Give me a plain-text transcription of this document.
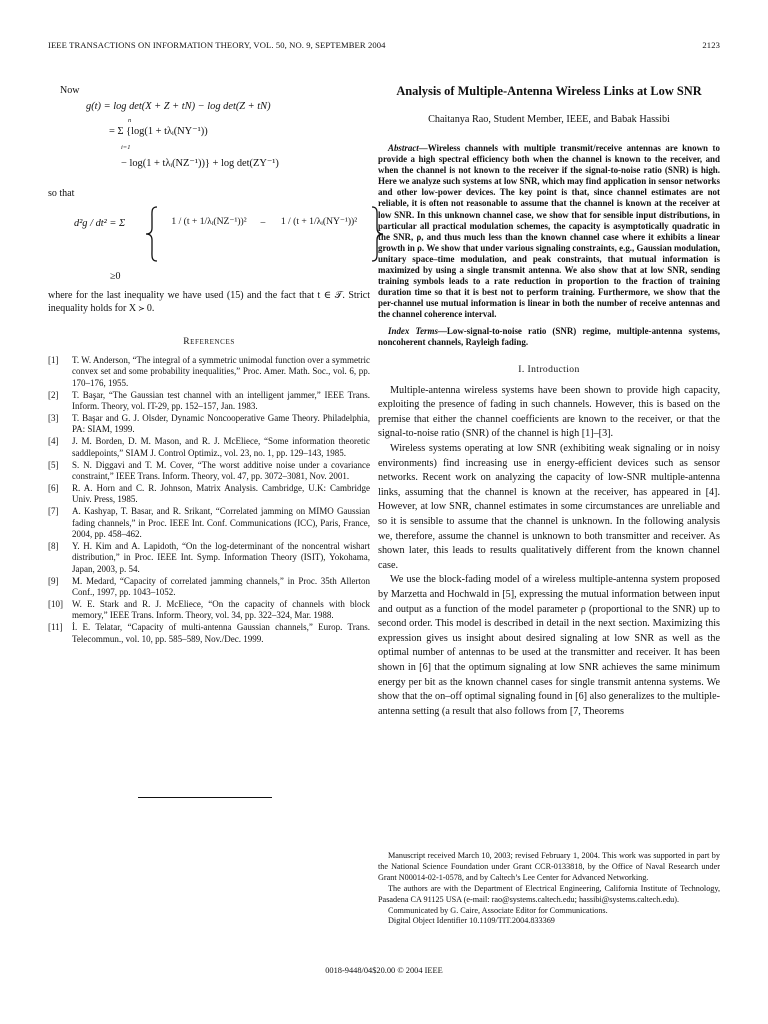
IEEE TRANSACTIONS ON INFORMATION THEORY, VOL. 50, NO. 9, SEPTEMBER 2004	2123
Now
g(t) = log det(X + Z + tN) − log det(Z + tN)
n
= Σ {log(1 + tλᵢ(NY⁻¹))
i=1
− log(1 + tλᵢ(NZ⁻¹))} + log det(ZY⁻¹)
so that
d²g / dt² = Σ	1 / (t + 1/λᵢ(NZ⁻¹))²	−	1 / (t + 1/λᵢ(NY⁻¹))²
≥0
where for the last inequality we have used (15) and the fact that t ∈ 𝒯. Strict inequality holds for X ≻ 0.
References
[1]	T. W. Anderson, “The integral of a symmetric unimodal function over a symmetric convex set and some probability inequalities,” Proc. Amer. Math. Soc., vol. 6, pp. 170–176, 1955.
[2]	T. Başar, “The Gaussian test channel with an intelligent jammer,” IEEE Trans. Inform. Theory, vol. IT-29, pp. 152–157, Jan. 1983.
[3]	T. Başar and G. J. Olsder, Dynamic Noncooperative Game Theory. Philadelphia, PA: SIAM, 1999.
[4]	J. M. Borden, D. M. Mason, and R. J. McEliece, “Some information theoretic saddlepoints,” SIAM J. Control Optimiz., vol. 23, no. 1, pp. 129–143, 1985.
[5]	S. N. Diggavi and T. M. Cover, “The worst additive noise under a covariance constraint,” IEEE Trans. Inform. Theory, vol. 47, pp. 3072–3081, Nov. 2001.
[6]	R. A. Horn and C. R. Johnson, Matrix Analysis. Cambridge, U.K: Cambridge Univ. Press, 1985.
[7]	A. Kashyap, T. Basar, and R. Srikant, “Correlated jamming on MIMO Gaussian fading channels,” in Proc. IEEE Int. Conf. Communications (ICC), Paris, France, 2004, pp. 458–462.
[8]	Y. H. Kim and A. Lapidoth, “On the log-determinant of the noncentral wishart distribution,” in Proc. IEEE Int. Symp. Information Theory (ISIT), Yokohama, Japan, 2003, p. 54.
[9]	M. Medard, “Capacity of correlated jamming channels,” in Proc. 35th Allerton Conf., 1997, pp. 1043–1052.
[10]	W. E. Stark and R. J. McEliece, “On the capacity of channels with block memory,” IEEE Trans. Inform. Theory, vol. 34, pp. 322–324, Mar. 1988.
[11]	İ. E. Telatar, “Capacity of multi-antenna Gaussian channels,” Europ. Trans. Telecommun., vol. 10, pp. 585–589, Nov./Dec. 1999.
Analysis of Multiple-Antenna Wireless Links at Low SNR
Chaitanya Rao, Student Member, IEEE, and Babak Hassibi
Abstract—Wireless channels with multiple transmit/receive antennas are known to provide a high spectral efficiency both when the channel is known to the receiver, and when the channel is not known to the receiver if the signal-to-noise ratio (SNR) is high. Here we analyze such systems at low SNR, which may find application in sensor networks and other low-power devices. The key point is that, since channel estimates are not reliable, it is often not reasonable to assume that the channel is known at the receiver at low SNR. In this unknown channel case, we show that for sensible input distributions, in particular all practical modulation schemes, the capacity is asymptotically quadratic in the SNR, ρ, and thus much less than the known channel case where it exhibits a linear growth in ρ. We show that under various signaling constraints, e.g., Gaussian modulation, unitary space–time modulation, and peak constraints, that mutual information is maximized by using a single transmit antenna. We also show that at low SNR, sending training symbols leads to a rate reduction in proportion to the fraction of training duration time so that it is best not to perform training. Furthermore, we show that the per-channel use mutual information is linear in both the number of receive antennas and the channel coherence interval.
Index Terms—Low-signal-to-noise ratio (SNR) regime, multiple-antenna systems, noncoherent channels, Rayleigh fading.
I. Introduction

Multiple-antenna wireless systems have been shown to provide high capacity, exploiting the presence of fading in such channels. However, this is based on the premise that either the channel coefficients are known to the receiver, or that the signal-to-noise ratio (SNR) of the channel is high [1]–[3].

Wireless systems operating at low SNR (exhibiting weak signaling or in noisy environments) find increasing use in energy-efficient devices such as sensor networks. Recent work on analyzing the capacity of low-SNR multiple-antenna links, assuming that the channel is known at the receiver, has appeared in [4]. However, at low SNR, channel estimates in some circumstances are unreliable and so it is sensible to assume that the channel is unknown. In the following analysis we, therefore, assume the channel is unknown to both transmitter and receiver. As shown later, this leads to results qualitatively different from the known channel case.

We use the block-fading model of a wireless multiple-antenna system proposed by Marzetta and Hochwald in [5], expressing the mutual information between input and output as a function of the model parameter ρ (proportional to the SNR) up to second order. This model is described in detail in the next section. Maximizing this expression gives us insight about desired signaling at low SNR as well as the optimal number of antennas to be used at the transmitter and receiver. It has been shown in [6] that the optimum signaling at low SNR achieves the same minimum energy per bit as the known channel cases for single transmit antenna systems. We show that the on–off optimal signaling found in [6] also generalizes to the multiple-antenna setting (a result that also follows from [7, Theorems

Manuscript received March 10, 2003; revised February 1, 2004. This work was supported in part by the National Science Foundation under Grant CCR-0133818, by the Office of Naval Research under Grant N00014-02-1-0578, and by Caltech’s Lee Center for Advanced Networking.

The authors are with the Department of Electrical Engineering, California Institute of Technology, Pasadena CA 91125 USA (e-mail: rao@systems.caltech.edu; hassibi@systems.caltech.edu).

Communicated by G. Caire, Associate Editor for Communications.

Digital Object Identifier 10.1109/TIT.2004.833369

0018-9448/04$20.00 © 2004 IEEE
